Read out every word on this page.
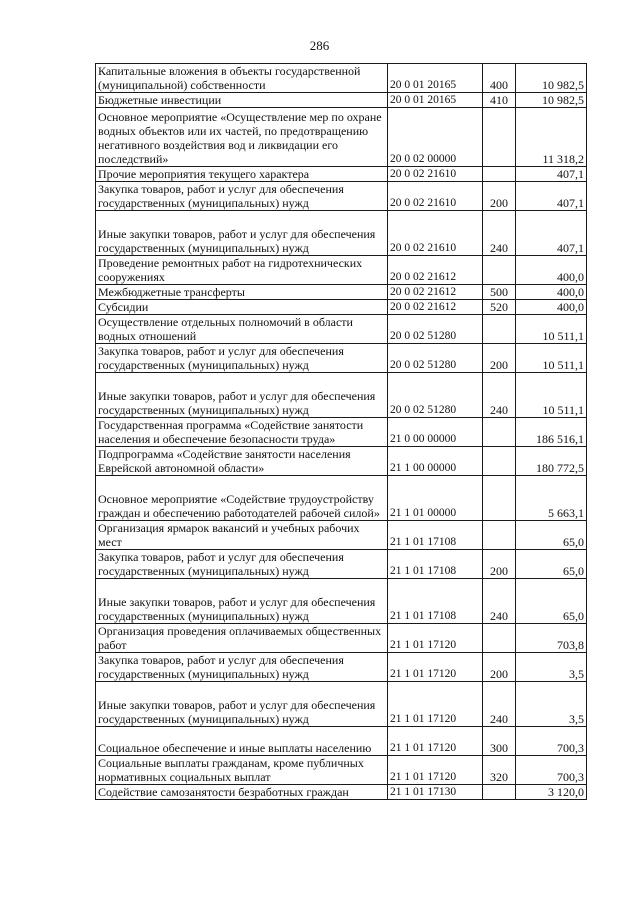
286
Капитальные вложения в объекты государственной (муниципальной) собственности	20 0 01 20165	400	10 982,5
Бюджетные инвестиции	20 0 01 20165	410	10 982,5
Основное мероприятие «Осуществление мер по охране водных объектов или их частей, по предотвращению негативного воздействия вод и ликвидации его последствий»	20 0 02 00000		11 318,2
Прочие мероприятия текущего характера	20 0 02 21610		407,1
Закупка товаров, работ и услуг для обеспечения государственных (муниципальных) нужд	20 0 02 21610	200	407,1
Иные закупки товаров, работ и услуг для обеспечения государственных (муниципальных) нужд	20 0 02 21610	240	407,1
Проведение ремонтных работ на гидротехнических сооружениях	20 0 02 21612		400,0
Межбюджетные трансферты	20 0 02 21612	500	400,0
Субсидии	20 0 02 21612	520	400,0
Осуществление отдельных полномочий в области водных отношений	20 0 02 51280		10 511,1
Закупка товаров, работ и услуг для обеспечения государственных (муниципальных) нужд	20 0 02 51280	200	10 511,1
Иные закупки товаров, работ и услуг для обеспечения государственных (муниципальных) нужд	20 0 02 51280	240	10 511,1
Государственная программа «Содействие занятости населения и обеспечение безопасности труда»	21 0 00 00000		186 516,1
Подпрограмма «Содействие занятости населения Еврейской автономной области»	21 1 00 00000		180 772,5
Основное мероприятие «Содействие трудоустройству граждан и обеспечению работодателей рабочей силой»	21 1 01 00000		5 663,1
Организация ярмарок вакансий и учебных рабочих мест	21 1 01 17108		65,0
Закупка товаров, работ и услуг для обеспечения государственных (муниципальных) нужд	21 1 01 17108	200	65,0
Иные закупки товаров, работ и услуг для обеспечения государственных (муниципальных) нужд	21 1 01 17108	240	65,0
Организация проведения оплачиваемых общественных работ	21 1 01 17120		703,8
Закупка товаров, работ и услуг для обеспечения государственных (муниципальных) нужд	21 1 01 17120	200	3,5
Иные закупки товаров, работ и услуг для обеспечения государственных (муниципальных) нужд	21 1 01 17120	240	3,5
Социальное обеспечение и иные выплаты населению	21 1 01 17120	300	700,3
Социальные выплаты гражданам, кроме публичных нормативных социальных выплат	21 1 01 17120	320	700,3
Содействие самозанятости безработных граждан	21 1 01 17130		3 120,0
